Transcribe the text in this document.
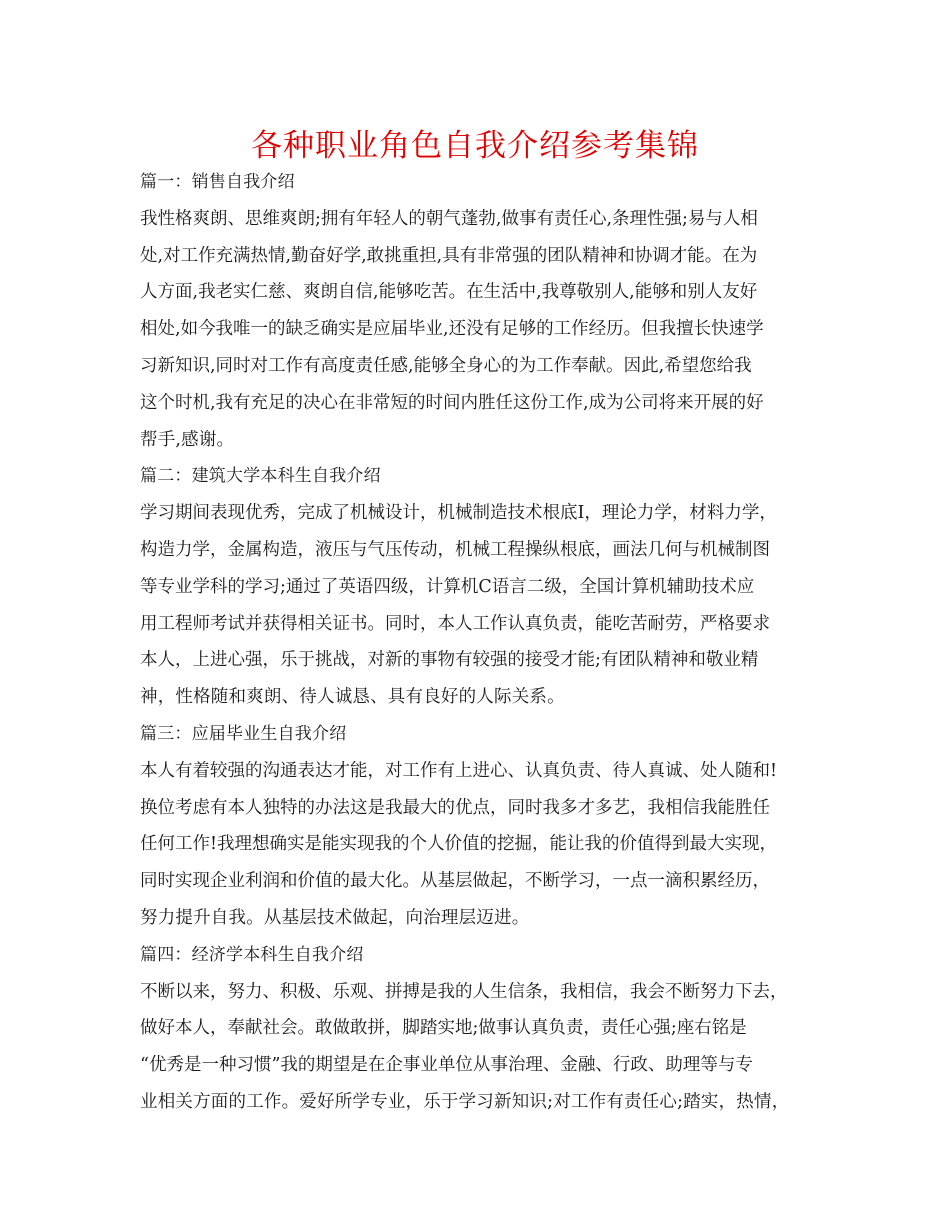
各种职业角色自我介绍参考集锦
篇一：销售自我介绍
我性格爽朗、思维爽朗;拥有年轻人的朝气蓬勃,做事有责任心,条理性强;易与人相
处,对工作充满热情,勤奋好学,敢挑重担,具有非常强的团队精神和协调才能。在为
人方面,我老实仁慈、爽朗自信,能够吃苦。在生活中,我尊敬别人,能够和别人友好
相处,如今我唯一的缺乏确实是应届毕业,还没有足够的工作经历。但我擅长快速学
习新知识,同时对工作有高度责任感,能够全身心的为工作奉献。因此,希望您给我
这个时机,我有充足的决心在非常短的时间内胜任这份工作,成为公司将来开展的好
帮手,感谢。
篇二：建筑大学本科生自我介绍
学习期间表现优秀，完成了机械设计，机械制造技术根底Ⅰ，理论力学，材料力学，
构造力学，金属构造，液压与气压传动，机械工程操纵根底，画法几何与机械制图
等专业学科的学习;通过了英语四级，计算机C语言二级，全国计算机辅助技术应
用工程师考试并获得相关证书。同时，本人工作认真负责，能吃苦耐劳，严格要求
本人，上进心强，乐于挑战，对新的事物有较强的接受才能;有团队精神和敬业精
神，性格随和爽朗、待人诚恳、具有良好的人际关系。
篇三：应届毕业生自我介绍
本人有着较强的沟通表达才能，对工作有上进心、认真负责、待人真诚、处人随和!
换位考虑有本人独特的办法这是我最大的优点，同时我多才多艺，我相信我能胜任
任何工作!我理想确实是能实现我的个人价值的挖掘，能让我的价值得到最大实现，
同时实现企业利润和价值的最大化。从基层做起，不断学习，一点一滴积累经历，
努力提升自我。从基层技术做起，向治理层迈进。
篇四：经济学本科生自我介绍
不断以来，努力、积极、乐观、拼搏是我的人生信条，我相信，我会不断努力下去，
做好本人，奉献社会。敢做敢拼，脚踏实地;做事认真负责，责任心强;座右铭是
“优秀是一种习惯”我的期望是在企事业单位从事治理、金融、行政、助理等与专
业相关方面的工作。爱好所学专业，乐于学习新知识;对工作有责任心;踏实，热情，
